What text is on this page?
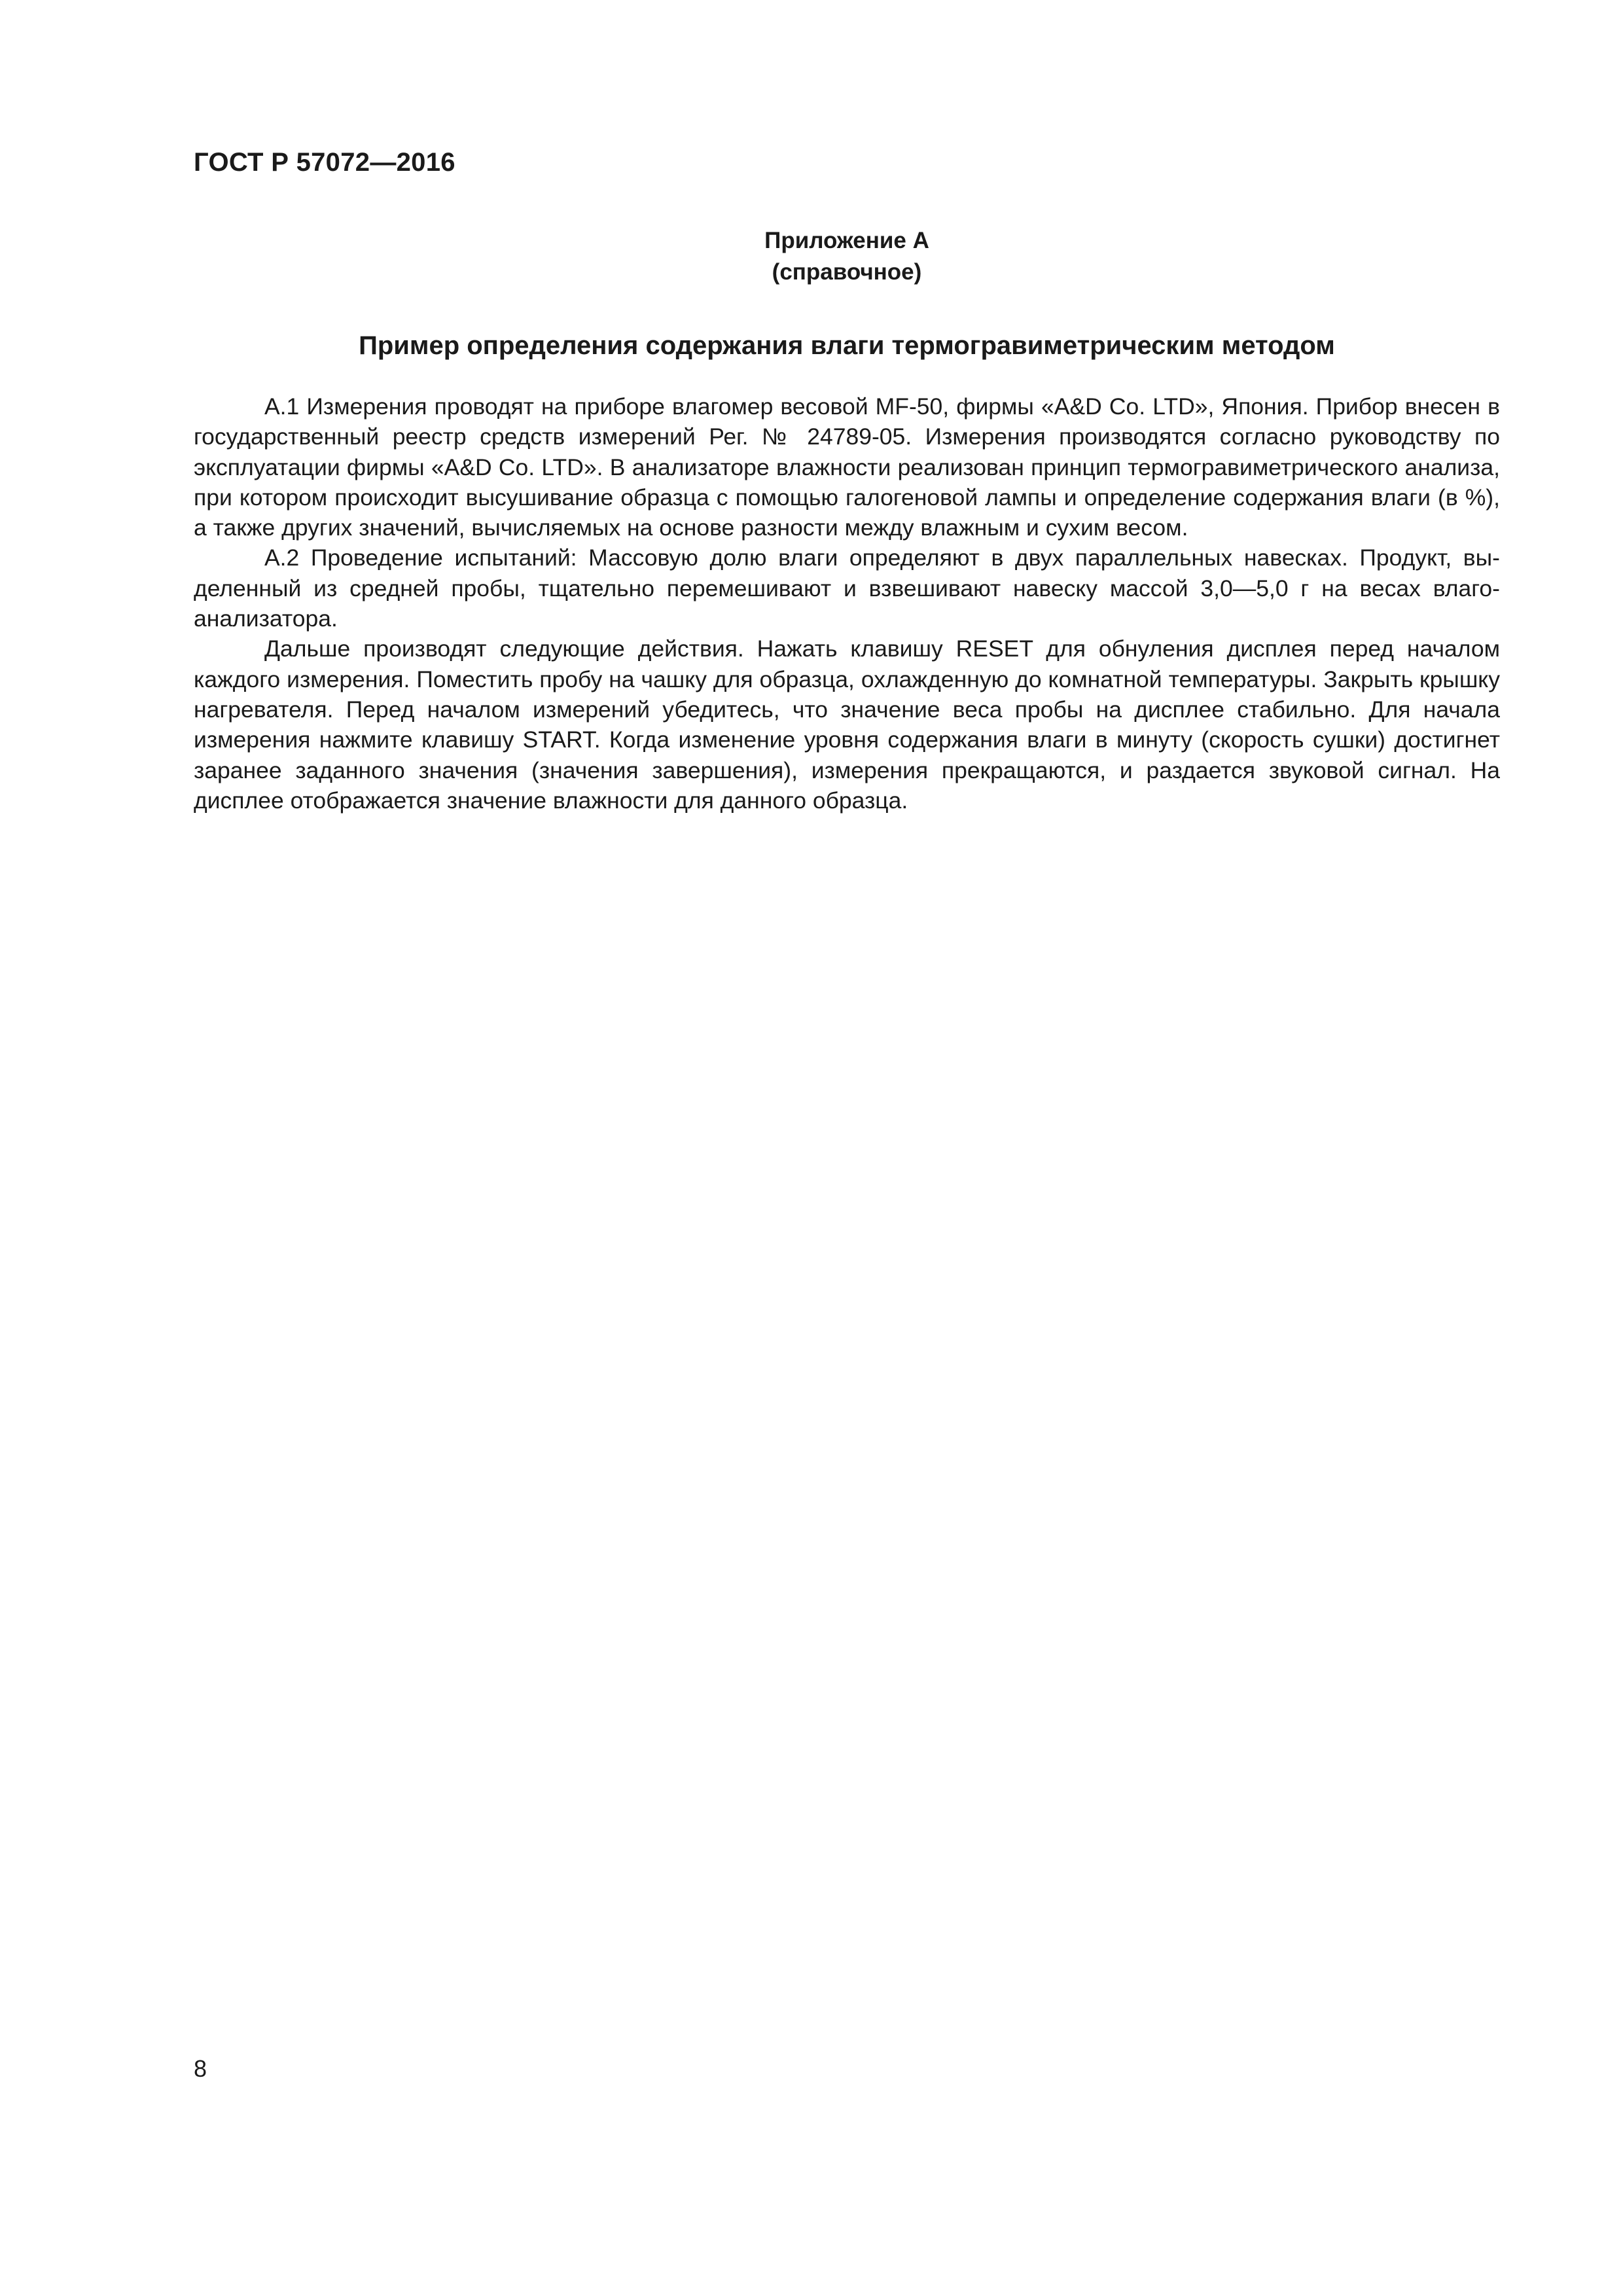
ГОСТ Р 57072—2016
Приложение А
(справочное)
Пример определения содержания влаги термогравиметрическим методом

А.1 Измерения проводят на приборе влагомер весовой MF-50, фирмы «A&D Co. LTD», Япония. Прибор внесен в государственный реестр средств измерений Рег. № 24789-05. Измерения производятся согласно руководству по эксплуатации фирмы «A&D Co. LTD». В анализаторе влажности реализован принцип термогравиметрического анализа, при котором происходит высушивание образца с помощью галогеновой лампы и определение содержания влаги (в %), а также других значений, вычисляемых на основе разности между влажным и сухим весом.

А.2 Проведение испытаний: Массовую долю влаги определяют в двух параллельных навесках. Продукт, выделенный из средней пробы, тщательно перемешивают и взвешивают навеску массой 3,0—5,0 г на весах влагоанализатора.

Дальше производят следующие действия. Нажать клавишу RESET для обнуления дисплея перед началом каждого измерения. Поместить пробу на чашку для образца, охлажденную до комнатной температуры. Закрыть крышку нагревателя. Перед началом измерений убедитесь, что значение веса пробы на дисплее стабильно. Для начала измерения нажмите клавишу START. Когда изменение уровня содержания влаги в минуту (скорость сушки) достигнет заранее заданного значения (значения завершения), измерения прекращаются, и раздается звуковой сигнал. На дисплее отображается значение влажности для данного образца.

8
